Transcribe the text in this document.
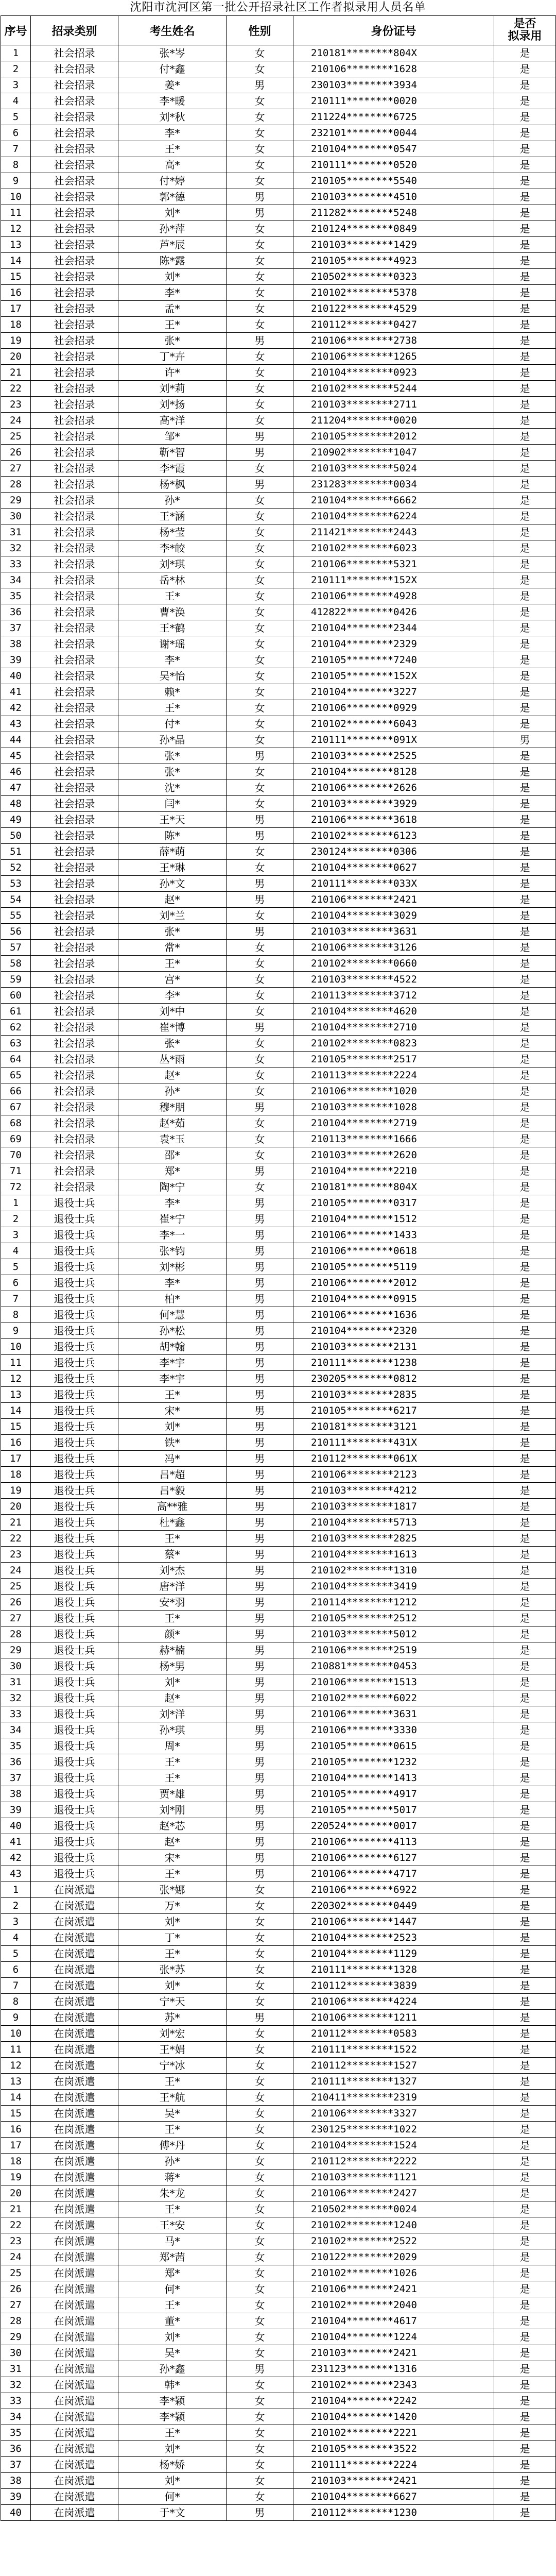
沈阳市沈河区第一批公开招录社区工作者拟录用人员名单
序号	招录类别	考生姓名	性别	身份证号	是否
拟录用
1	社会招录	张*岑	女	210181********804X	是
2	社会招录	付*鑫	女	210106********1628	是
3	社会招录	姜*	男	230103********3934	是
4	社会招录	李*暖	女	210111********0020	是
5	社会招录	刘*秋	女	211224********6725	是
6	社会招录	李*	女	232101********0044	是
7	社会招录	王*	女	210104********0547	是
8	社会招录	高*	女	210111********0520	是
9	社会招录	付*婷	女	210105********5540	是
10	社会招录	郭*德	男	210103********4510	是
11	社会招录	刘*	男	211282********5248	是
12	社会招录	孙*萍	女	210124********0849	是
13	社会招录	芦*辰	女	210103********1429	是
14	社会招录	陈*露	女	210105********4923	是
15	社会招录	刘*	女	210502********0323	是
16	社会招录	李*	女	210102********5378	是
17	社会招录	孟*	女	210122********4529	是
18	社会招录	王*	女	210112********0427	是
19	社会招录	张*	男	210106********2738	是
20	社会招录	丁*卉	女	210106********1265	是
21	社会招录	许*	女	210104********0923	是
22	社会招录	刘*莉	女	210102********5244	是
23	社会招录	刘*扬	女	210103********2711	是
24	社会招录	高*洋	女	211204********0020	是
25	社会招录	邹*	男	210105********2012	是
26	社会招录	靳*智	男	210902********1047	是
27	社会招录	李*霞	女	210103********5024	是
28	社会招录	杨*枫	男	231283********0034	是
29	社会招录	孙*	女	210104********6662	是
30	社会招录	王*涵	女	210104********6224	是
31	社会招录	杨*莹	女	211421********2443	是
32	社会招录	李*皎	女	210102********6023	是
33	社会招录	刘*琪	女	210106********5321	是
34	社会招录	岳*林	女	210111********152X	是
35	社会招录	王*	女	210106********4928	是
36	社会招录	曹*涣	女	412822********0426	是
37	社会招录	王*鹤	女	210104********2344	是
38	社会招录	谢*瑶	女	210104********2329	是
39	社会招录	李*	女	210105********7240	是
40	社会招录	吴*怡	女	210105********152X	是
41	社会招录	赖*	女	210104********3227	是
42	社会招录	王*	女	210106********0929	是
43	社会招录	付*	女	210102********6043	是
44	社会招录	孙*晶	女	210111********091X	男
45	社会招录	张*	男	210103********2525	是
46	社会招录	张*	女	210104********8128	是
47	社会招录	沈*	女	210106********2626	是
48	社会招录	闫*	女	210103********3929	是
49	社会招录	王*天	男	210106********3618	是
50	社会招录	陈*	男	210102********6123	是
51	社会招录	薛*萌	女	230124********0306	是
52	社会招录	王*琳	女	210104********0627	是
53	社会招录	孙*文	男	210111********033X	是
54	社会招录	赵*	男	210106********2421	是
55	社会招录	刘*兰	女	210104********3029	是
56	社会招录	张*	男	210103********3631	是
57	社会招录	常*	女	210106********3126	是
58	社会招录	王*	女	210102********0660	是
59	社会招录	宫*	女	210103********4522	是
60	社会招录	李*	女	210113********3712	是
61	社会招录	刘*中	女	210104********4620	是
62	社会招录	崔*博	男	210104********2710	是
63	社会招录	张*	女	210102********0823	是
64	社会招录	丛*雨	女	210105********2517	是
65	社会招录	赵*	女	210113********2224	是
66	社会招录	孙*	女	210106********1020	是
67	社会招录	穆*朋	男	210103********1028	是
68	社会招录	赵*茹	女	210104********2719	是
69	社会招录	袁*玉	女	210113********1666	是
70	社会招录	邵*	女	210103********2620	是
71	社会招录	郑*	男	210104********2210	是
72	社会招录	陶*宁	女	210181********804X	是
1	退役士兵	李*	男	210105********0317	是
2	退役士兵	崔*宁	男	210104********1512	是
3	退役士兵	李*一	男	210106********1433	是
4	退役士兵	张*钧	男	210106********0618	是
5	退役士兵	刘*彬	男	210105********5119	是
6	退役士兵	李*	男	210106********2012	是
7	退役士兵	柏*	男	210104********0915	是
8	退役士兵	何*慧	男	210106********1636	是
9	退役士兵	孙*松	男	210104********2320	是
10	退役士兵	胡*翰	男	210103********2131	是
11	退役士兵	李*宇	男	210111********1238	是
12	退役士兵	李*宇	男	230205********0812	是
13	退役士兵	王*	男	210103********2835	是
14	退役士兵	宋*	男	210105********6217	是
15	退役士兵	刘*	男	210181********3121	是
16	退役士兵	铁*	男	210111********431X	是
17	退役士兵	冯*	男	210112********061X	是
18	退役士兵	吕*超	男	210106********2123	是
19	退役士兵	吕*毅	男	210103********4212	是
20	退役士兵	高**雅	男	210103********1817	是
21	退役士兵	杜*鑫	男	210104********5713	是
22	退役士兵	王*	男	210103********2825	是
23	退役士兵	蔡*	男	210104********1613	是
24	退役士兵	刘*杰	男	210102********1310	是
25	退役士兵	唐*洋	男	210104********3419	是
26	退役士兵	安*羽	男	210114********1212	是
27	退役士兵	王*	男	210105********2512	是
28	退役士兵	颜*	男	210103********5012	是
29	退役士兵	赫*楠	男	210106********2519	是
30	退役士兵	杨*男	男	210881********0453	是
31	退役士兵	刘*	男	210106********1513	是
32	退役士兵	赵*	男	210102********6022	是
33	退役士兵	刘*洋	男	210106********3631	是
34	退役士兵	孙*琪	男	210106********3330	是
35	退役士兵	周*	男	210105********0615	是
36	退役士兵	王*	男	210105********1232	是
37	退役士兵	王*	男	210104********1413	是
38	退役士兵	贾*雄	男	210105********4917	是
39	退役士兵	刘*刚	男	210105********5017	是
40	退役士兵	赵*芯	男	220524********0017	是
41	退役士兵	赵*	男	210106********4113	是
42	退役士兵	宋*	男	210106********6127	是
43	退役士兵	王*	男	210106********4717	是
1	在岗派遣	张*娜	女	210106********6922	是
2	在岗派遣	万*	女	220302********0449	是
3	在岗派遣	刘*	女	210106********1447	是
4	在岗派遣	丁*	女	210104********2523	是
5	在岗派遣	王*	女	210104********1129	是
6	在岗派遣	张*苏	女	210111********1328	是
7	在岗派遣	刘*	女	210112********3839	是
8	在岗派遣	宁*天	女	210106********4224	是
9	在岗派遣	苏*	男	210106********1211	是
10	在岗派遣	刘*宏	女	210112********0583	是
11	在岗派遣	王*娟	女	210111********1522	是
12	在岗派遣	宁*冰	女	210112********1527	是
13	在岗派遣	王*	女	210111********1327	是
14	在岗派遣	王*航	女	210411********2319	是
15	在岗派遣	吴*	女	210106********3327	是
16	在岗派遣	王*	女	230125********1022	是
17	在岗派遣	傅*丹	女	210104********1524	是
18	在岗派遣	孙*	女	210112********2222	是
19	在岗派遣	蒋*	女	210103********1121	是
20	在岗派遣	朱*龙	女	210106********2427	是
21	在岗派遣	王*	女	210502********0024	是
22	在岗派遣	王*安	女	210102********1240	是
23	在岗派遣	马*	女	210102********2522	是
24	在岗派遣	郑*茜	女	210122********2029	是
25	在岗派遣	郑*	女	210102********1026	是
26	在岗派遣	何*	女	210106********2421	是
27	在岗派遣	王*	女	210102********2040	是
28	在岗派遣	董*	女	210104********4617	是
29	在岗派遣	刘*	女	210104********1224	是
30	在岗派遣	吴*	女	210103********2421	是
31	在岗派遣	孙*鑫	男	231123********1316	是
32	在岗派遣	韩*	女	210102********2343	是
33	在岗派遣	李*颖	女	210104********2242	是
34	在岗派遣	李*颖	女	210104********1420	是
35	在岗派遣	王*	女	210102********2221	是
36	在岗派遣	刘*	女	210105********3522	是
37	在岗派遣	杨*娇	女	210111********2224	是
38	在岗派遣	刘*	女	210103********2421	是
39	在岗派遣	何*	女	210104********6627	是
40	在岗派遣	于*文	男	210112********1230	是
